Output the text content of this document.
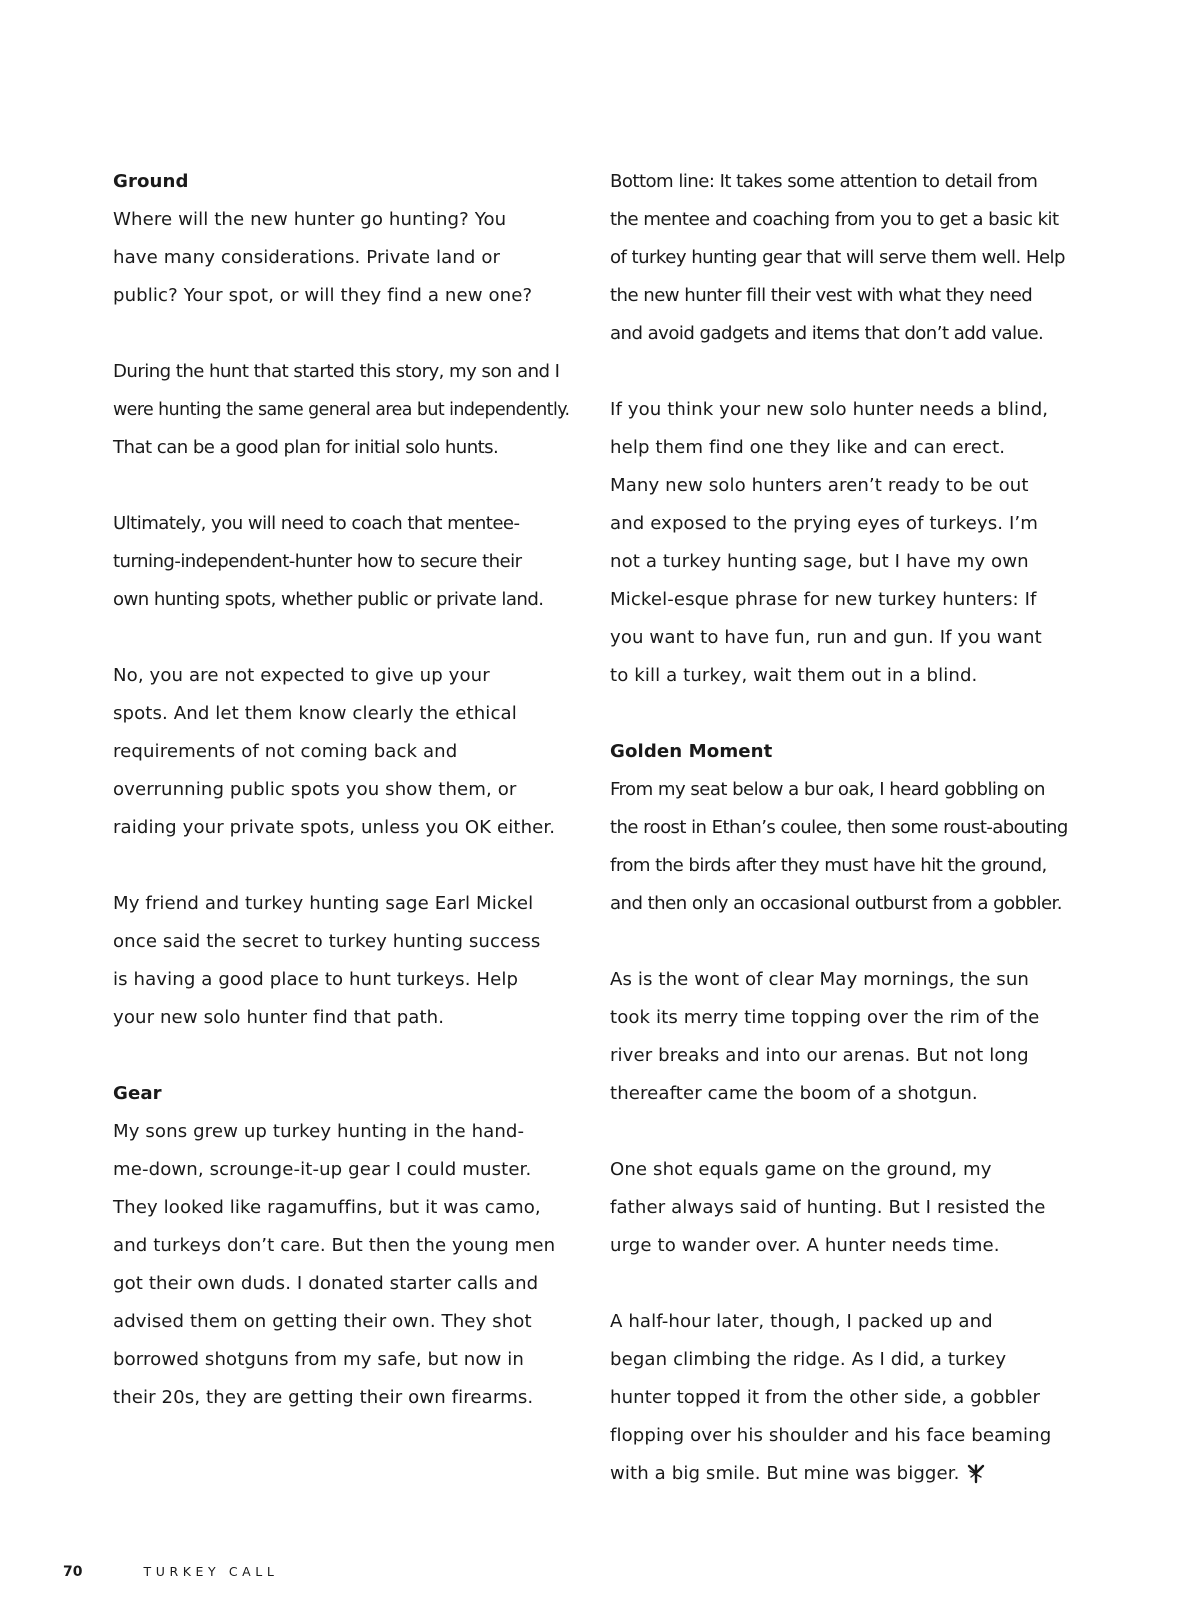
Ground
Where will the new hunter go hunting? You
have many considerations. Private land or
public? Your spot, or will they find a new one?
During the hunt that started this story, my son and I
were hunting the same general area but independently.
That can be a good plan for initial solo hunts.
Ultimately, you will need to coach that mentee-
turning-independent-hunter how to secure their
own hunting spots, whether public or private land.
No, you are not expected to give up your
spots. And let them know clearly the ethical
requirements of not coming back and
overrunning public spots you show them, or
raiding your private spots, unless you OK either.
My friend and turkey hunting sage Earl Mickel
once said the secret to turkey hunting success
is having a good place to hunt turkeys. Help
your new solo hunter find that path.
Gear
My sons grew up turkey hunting in the hand-
me-down, scrounge-it-up gear I could muster.
They looked like ragamuffins, but it was camo,
and turkeys don’t care. But then the young men
got their own duds. I donated starter calls and
advised them on getting their own. They shot
borrowed shotguns from my safe, but now in
their 20s, they are getting their own firearms.
Bottom line: It takes some attention to detail from
the mentee and coaching from you to get a basic kit
of turkey hunting gear that will serve them well. Help
the new hunter fill their vest with what they need
and avoid gadgets and items that don’t add value.
If you think your new solo hunter needs a blind,
help them find one they like and can erect.
Many new solo hunters aren’t ready to be out
and exposed to the prying eyes of turkeys. I’m
not a turkey hunting sage, but I have my own
Mickel-esque phrase for new turkey hunters: If
you want to have fun, run and gun. If you want
to kill a turkey, wait them out in a blind.
Golden Moment
From my seat below a bur oak, I heard gobbling on
the roost in Ethan’s coulee, then some roust-abouting
from the birds after they must have hit the ground,
and then only an occasional outburst from a gobbler.
As is the wont of clear May mornings, the sun
took its merry time topping over the rim of the
river breaks and into our arenas. But not long
thereafter came the boom of a shotgun.
One shot equals game on the ground, my
father always said of hunting. But I resisted the
urge to wander over. A hunter needs time.
A half-hour later, though, I packed up and
began climbing the ridge. As I did, a turkey
hunter topped it from the other side, a gobbler
flopping over his shoulder and his face beaming
with a big smile. But mine was bigger.
70	TURKEY CALL
